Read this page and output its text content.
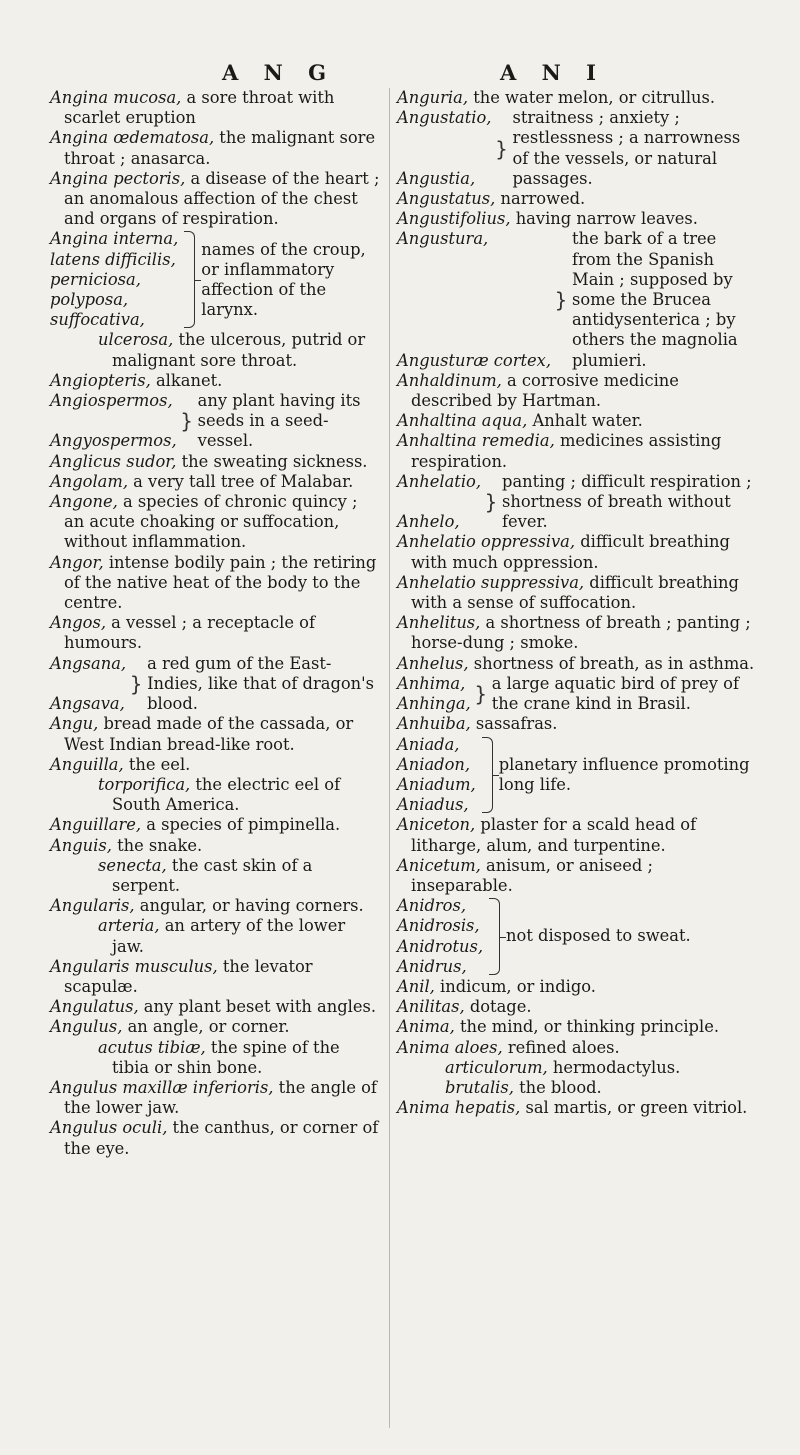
A N G	A N I

Angina mucosa, a sore throat with scarlet eruption

Angina œdematosa, the malignant sore throat ; anasarca.

Angina pectoris, a disease of the heart ; an anomalous affection of the chest and organs of respiration.

Angina interna,
latens difficilis,
perniciosa,
polyposa,
suffocativa,
names of the croup, or inflammatory affection of the larynx.

ulcerosa, the ulcerous, putrid or malignant sore throat.

Angiopteris, alkanet.

Angiospermos,
Angyospermos,
}
any plant having its seeds in a seed-vessel.

Anglicus sudor, the sweating sickness.

Angolam, a very tall tree of Malabar.

Angone, a species of chronic quincy ; an acute choaking or suffocation, without inflammation.

Angor, intense bodily pain ; the retiring of the native heat of the body to the centre.

Angos, a vessel ; a receptacle of humours.

Angsana,
Angsava,
}
a red gum of the East-Indies, like that of dragon's blood.

Angu, bread made of the cassada, or West Indian bread-like root.

Anguilla, the eel.

torporifica, the electric eel of South America.

Anguillare, a species of pimpinella.

Anguis, the snake.

senecta, the cast skin of a serpent.

Angularis, angular, or having corners.

arteria, an artery of the lower jaw.

Angularis musculus, the levator scapulæ.

Angulatus, any plant beset with angles.

Angulus, an angle, or corner.

acutus tibiæ, the spine of the tibia or shin bone.

Angulus maxillæ inferioris, the angle of the lower jaw.

Angulus oculi, the canthus, or corner of the eye.

Anguria, the water melon, or citrullus.

Angustatio,
Angustia,
}
straitness ; anxiety ; restlessness ; a narrowness of the vessels, or natural passages.

Angustatus, narrowed.

Angustifolius, having narrow leaves.

Angustura,
Angusturæ cortex,
}
the bark of a tree from the Spanish Main ; supposed by some the Brucea antidysenterica ; by others the magnolia plumieri.

Anhaldinum, a corrosive medicine described by Hartman.

Anhaltina aqua, Anhalt water.

Anhaltina remedia, medicines assisting respiration.

Anhelatio,
Anhelo,
}
panting ; difficult respiration ; shortness of breath without fever.

Anhelatio oppressiva, difficult breathing with much oppression.

Anhelatio suppressiva, difficult breathing with a sense of suffocation.

Anhelitus, a shortness of breath ; panting ; horse-dung ; smoke.

Anhelus, shortness of breath, as in asthma.

Anhima,
Anhinga, } a large aquatic bird of prey of the crane kind in Brasil.

Anhuiba, sassafras.

Aniada,
Aniadon,
Aniadum,
Aniadus,
planetary influence promoting long life.

Aniceton, plaster for a scald head of litharge, alum, and turpentine.

Anicetum, anisum, or aniseed ; inseparable.

Anidros,
Anidrosis,
Anidrotus,
Anidrus,
not disposed to sweat.

Anil, indicum, or indigo.

Anilitas, dotage.

Anima, the mind, or thinking principle.

Anima aloes, refined aloes.

articulorum, hermodactylus.

brutalis, the blood.

Anima hepatis, sal martis, or green vitriol.
